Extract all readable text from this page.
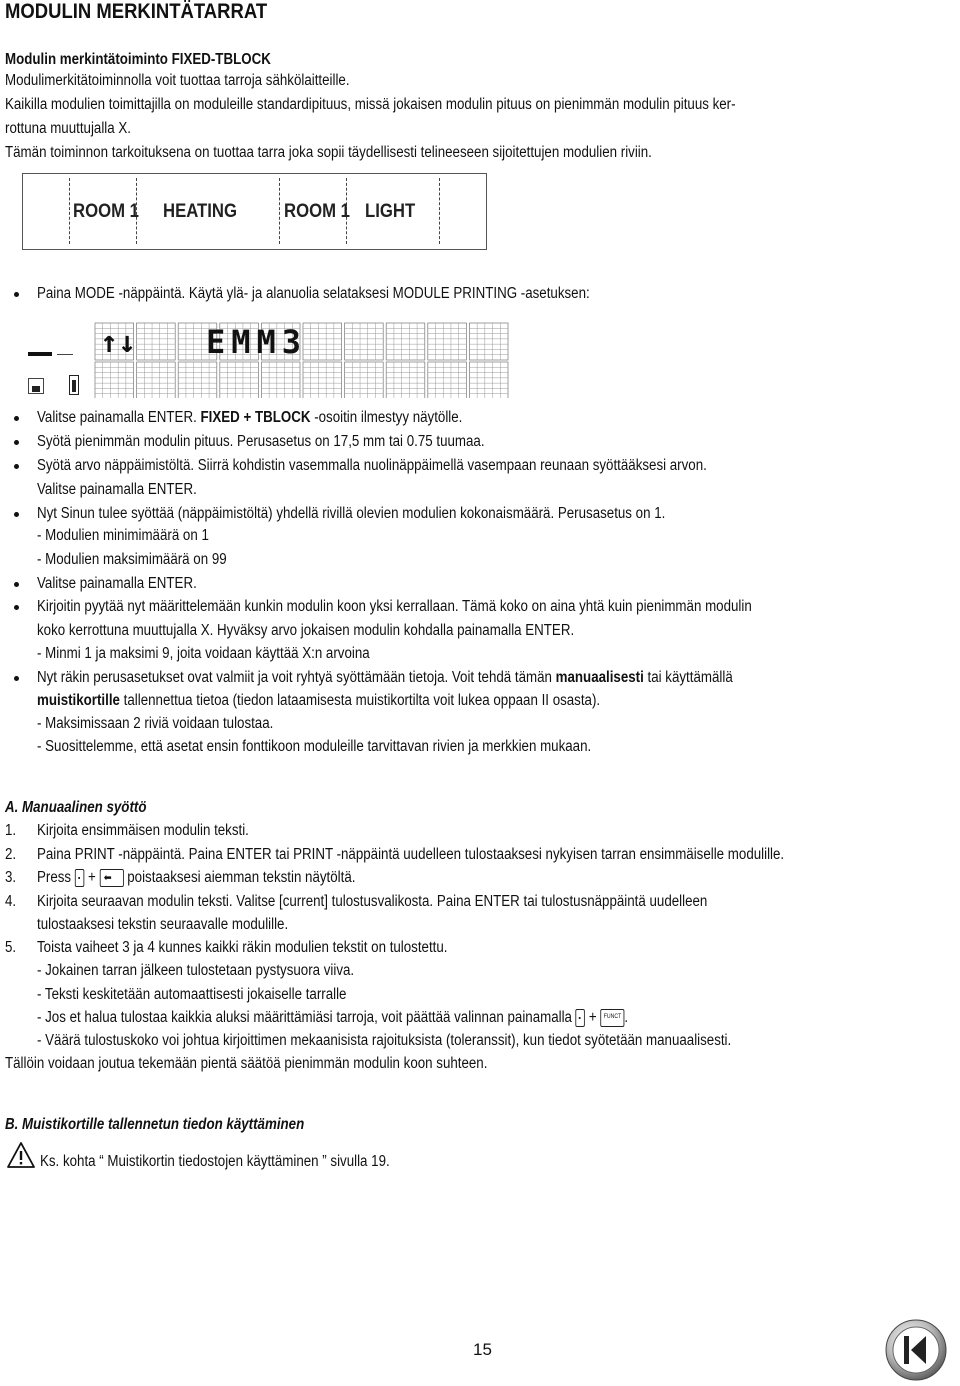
MODULIN MERKINTÄTARRAT
Modulin merkintätoiminto FIXED-TBLOCK
Modulimerkitätoiminnolla voit tuottaa tarroja sähkölaitteille.
Kaikilla modulien toimittajilla on moduleille standardipituus, missä jokaisen modulin pituus on pienimmän modulin pituus ker-
rottuna muuttujalla X.
Tämän toiminnon tarkoituksena on tuottaa tarra joka sopii täydellisesti telineeseen sijoitettujen modulien riviin.
ROOM 1 HEATING ROOM 1 LIGHT
Paina MODE -näppäintä. Käytä ylä- ja alanuolia selataksesi MODULE PRINTING -asetuksen:
↑↓ EMM3
Valitse painamalla ENTER. FIXED + TBLOCK -osoitin ilmestyy näytölle.
Syötä pienimmän modulin pituus. Perusasetus on 17,5 mm tai 0.75 tuumaa.
Syötä arvo näppäimistöltä. Siirrä kohdistin vasemmalla nuolinäppäimellä vasempaan reunaan syöttääksesi arvon.
Valitse painamalla ENTER.
Nyt Sinun tulee syöttää (näppäimistöltä) yhdellä rivillä olevien modulien kokonaismäärä. Perusasetus on 1.
- Modulien minimimäärä on 1
- Modulien maksimimäärä on 99
Valitse painamalla ENTER.
Kirjoitin pyytää nyt määrittelemään kunkin modulin koon yksi kerrallaan. Tämä koko on aina yhtä kuin pienimmän modulin
koko kerrottuna muuttujalla X. Hyväksy arvo jokaisen modulin kohdalla painamalla ENTER.
- Minmi 1 ja maksimi 9, joita voidaan käyttää X:n arvoina
Nyt räkin perusasetukset ovat valmiit ja voit ryhtyä syöttämään tietoja. Voit tehdä tämän manuaalisesti tai käyttämällä
muistikortille tallennettua tietoa (tiedon lataamisesta muistikortilta voit lukea oppaan II osasta).
- Maksimissaan 2 riviä voidaan tulostaa.
- Suosittelemme, että asetat ensin fonttikoon moduleille tarvittavan rivien ja merkkien mukaan.
A. Manuaalinen syöttö
1. Kirjoita ensimmäisen modulin teksti.
2. Paina PRINT -näppäintä. Paina ENTER tai PRINT -näppäintä uudelleen tulostaaksesi nykyisen tarran ensimmäiselle modulille.
3. Press + ⬅ poistaaksesi aiemman tekstin näytöltä.
4. Kirjoita seuraavan modulin teksti. Valitse [current] tulostusvalikosta. Paina ENTER tai tulostusnäppäintä uudelleen
tulostaaksesi tekstin seuraavalle modulille.
5. Toista vaiheet 3 ja 4 kunnes kaikki räkin modulien tekstit on tulostettu.
- Jokainen tarran jälkeen tulostetaan pystysuora viiva.
- Teksti keskitetään automaattisesti jokaiselle tarralle
- Jos et halua tulostaa kaikkia aluksi määrittämiäsi tarroja, voit päättää valinnan painamalla + FUNCT .
- Väärä tulostuskoko voi johtua kirjoittimen mekaanisista rajoituksista (toleranssit), kun tiedot syötetään manuaalisesti.
Tällöin voidaan joutua tekemään pientä säätöä pienimmän modulin koon suhteen.
B. Muistikortille tallennetun tiedon käyttäminen
Ks. kohta “ Muistikortin tiedostojen käyttäminen ” sivulla 19.
15
